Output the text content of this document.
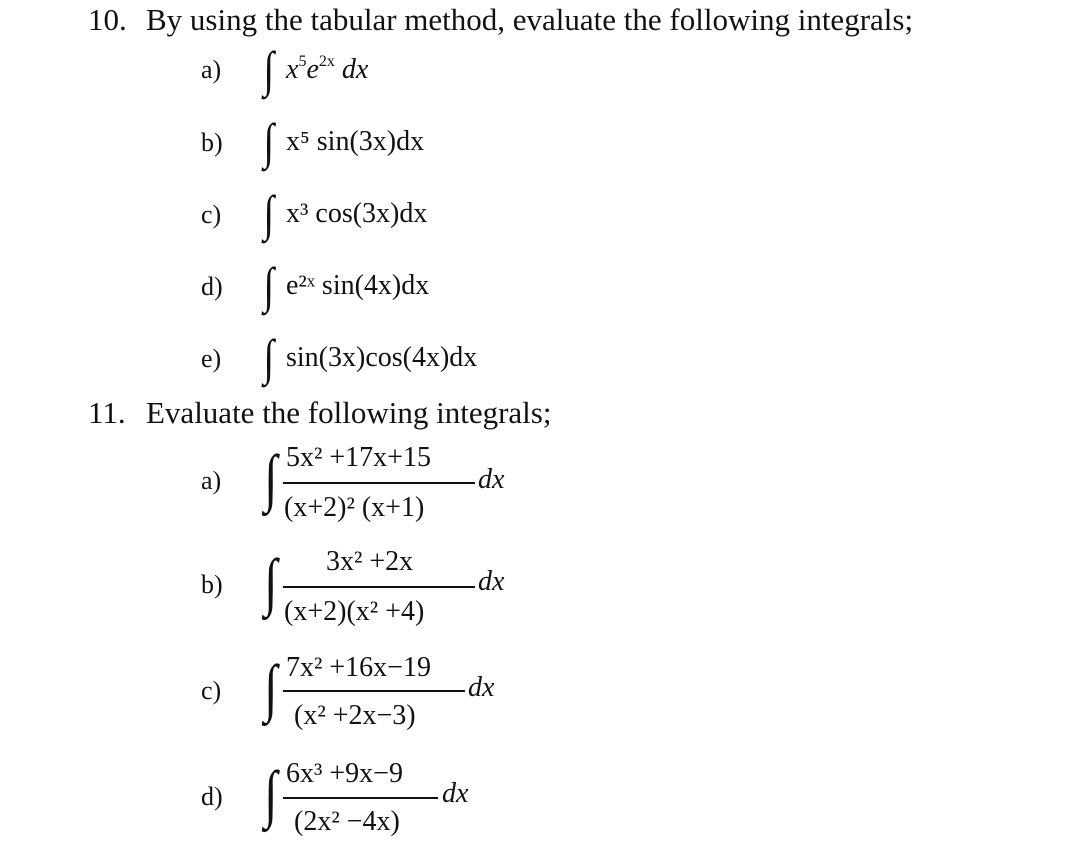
10. By using the tabular method, evaluate the following integrals;
a) ∫ $x^5e^{2x}$ dx
b) ∫ x⁵ sin(3x)dx
c) ∫ x³ cos(3x)dx
d) ∫ e²ˣ sin(4x)dx
e) ∫ sin(3x)cos(4x)dx
11. Evaluate the following integrals;
a) ∫ 5x² +17x+15
(x+2)² (x+1)
dx
b) ∫ 3x² +2x
(x+2)(x² +4)
dx
c) ∫ 7x² +16x−19
(x² +2x−3)
dx
d) ∫ 6x³ +9x−9
(2x² −4x)
dx
